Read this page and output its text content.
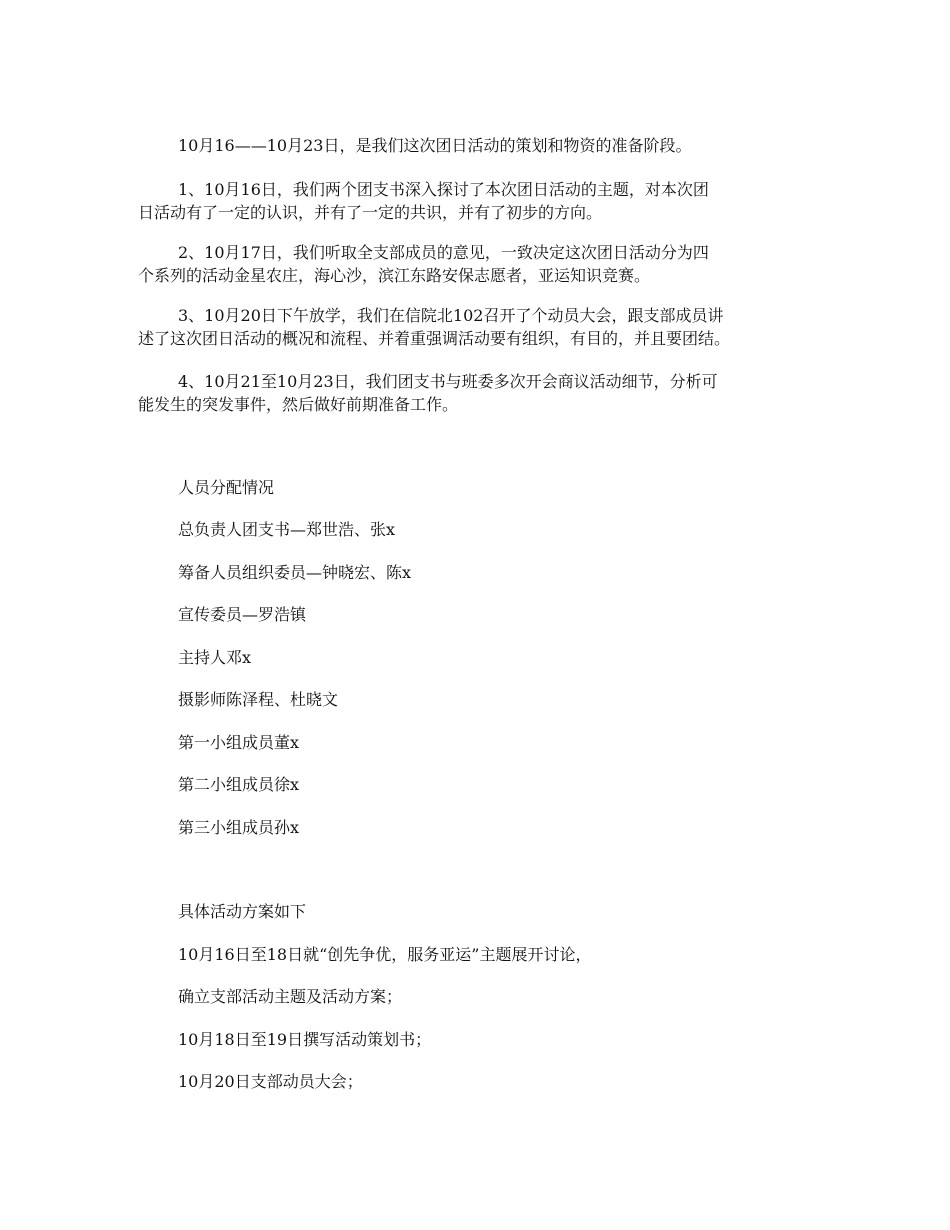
10月16——10月23日，是我们这次团日活动的策划和物资的准备阶段。
1、10月16日，我们两个团支书深入探讨了本次团日活动的主题，对本次团
日活动有了一定的认识，并有了一定的共识，并有了初步的方向。
2、10月17日，我们听取全支部成员的意见，一致决定这次团日活动分为四
个系列的活动金星农庄，海心沙，滨江东路安保志愿者，亚运知识竞赛。
3、10月20日下午放学，我们在信院北102召开了个动员大会，跟支部成员讲
述了这次团日活动的概况和流程、并着重强调活动要有组织，有目的，并且要团结。
4、10月21至10月23日，我们团支书与班委多次开会商议活动细节，分析可
能发生的突发事件，然后做好前期准备工作。
人员分配情况
总负责人团支书—郑世浩、张x
筹备人员组织委员—钟晓宏、陈x
宣传委员—罗浩镇
主持人邓x
摄影师陈泽程、杜晓文
第一小组成员董x
第二小组成员徐x
第三小组成员孙x
具体活动方案如下
10月16日至18日就“创先争优，服务亚运”主题展开讨论，
确立支部活动主题及活动方案；
10月18日至19日撰写活动策划书；
10月20日支部动员大会；
